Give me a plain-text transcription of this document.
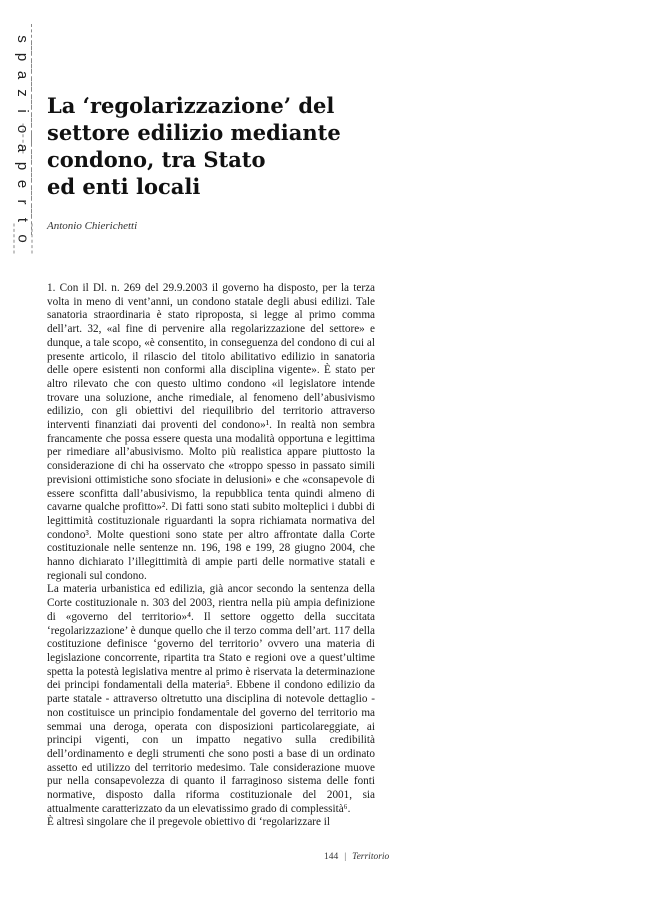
s
p
a
z
i
o
a
p
e
r
t
o
La ‘regolarizzazione’ del
settore edilizio mediante
condono, tra Stato
ed enti locali
Antonio Chierichetti

1. Con il Dl. n. 269 del 29.9.2003 il governo ha disposto, per la terza volta in meno di vent’anni, un condono statale degli abusi edilizi. Tale sanatoria straordinaria è stato riproposta, si legge al primo comma dell’art. 32, «al fine di pervenire alla regolarizzazione del settore» e dunque, a tale scopo, «è consentito, in conseguenza del condono di cui al presente articolo, il rilascio del titolo abilitativo edilizio in sanatoria delle opere esistenti non conformi alla disciplina vigente». È stato per altro rilevato che con questo ultimo condono «il legislatore intende trovare una soluzione, anche rimediale, al fenomeno dell’abusivismo edilizio, con gli obiettivi del riequilibrio del territorio attraverso interventi finanziati dai proventi del condono»¹. In realtà non sembra francamente che possa essere questa una modalità opportuna e legittima per rimediare all’abusivismo. Molto più realistica appare piuttosto la considerazione di chi ha osservato che «troppo spesso in passato simili previsioni ottimistiche sono sfociate in delusioni» e che «consapevole di essere sconfitta dall’abusivismo, la repubblica tenta quindi almeno di cavarne qualche profitto»². Di fatti sono stati subito molteplici i dubbi di legittimità costituzionale riguardanti la sopra richiamata normativa del condono³. Molte questioni sono state per altro affrontate dalla Corte costituzionale nelle sentenze nn. 196, 198 e 199, 28 giugno 2004, che hanno dichiarato l’illegittimità di ampie parti delle normative statali e regionali sul condono.

La materia urbanistica ed edilizia, già ancor secondo la sentenza della Corte costituzionale n. 303 del 2003, rientra nella più ampia definizione di «governo del territorio»⁴. Il settore oggetto della succitata ‘regolarizzazione’ è dunque quello che il terzo comma dell’art. 117 della costituzione definisce ‘governo del territorio’ ovvero una materia di legislazione concorrente, ripartita tra Stato e regioni ove a quest’ultime spetta la potestà legislativa mentre al primo è riservata la determinazione dei principi fondamentali della materia⁵. Ebbene il condono edilizio da parte statale - attraverso oltretutto una disciplina di notevole dettaglio - non costituisce un principio fondamentale del governo del territorio ma semmai una deroga, operata con disposizioni particolareggiate, ai principi vigenti, con un impatto negativo sulla credibilità dell’ordinamento e degli strumenti che sono posti a base di un ordinato assetto ed utilizzo del territorio medesimo. Tale considerazione muove pur nella consapevolezza di quanto il farraginoso sistema delle fonti normative, disposto dalla riforma costituzionale del 2001, sia attualmente caratterizzato da un elevatissimo grado di complessità⁶.

È altresì singolare che il pregevole obiettivo di ‘regolarizzare il

144 | Territorio
